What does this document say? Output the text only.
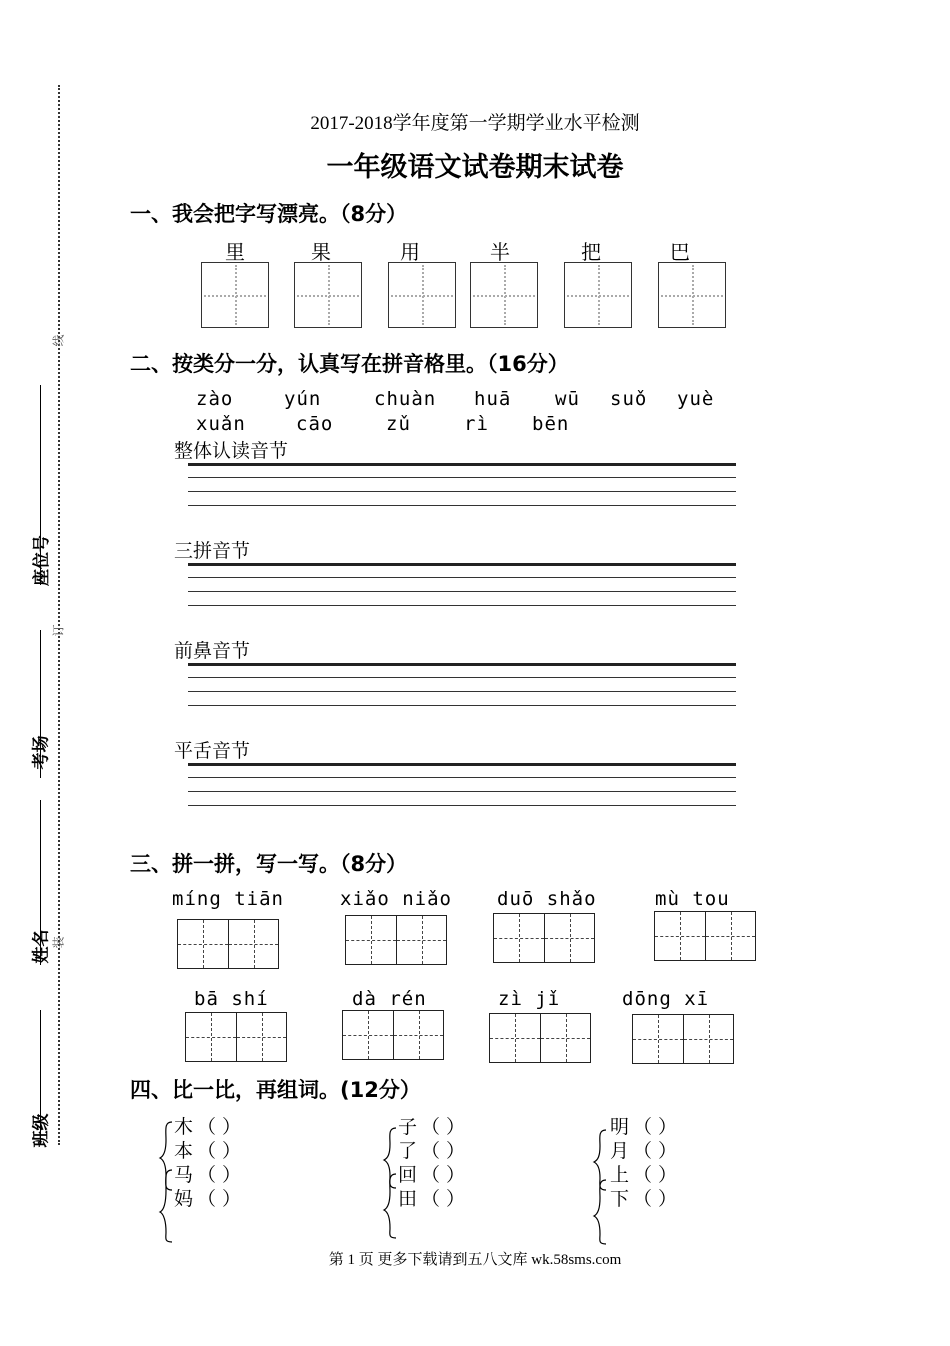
线
订
装
座位号
考场
姓名
班级
2017-2018学年度第一学期学业水平检测
一年级语文试卷期末试卷
一、我会把字写漂亮。（8分）
里	果	用	半	把	巴
二、按类分一分，认真写在拼音格里。（16分）
zào	yún	chuàn huā wū suǒ yuè
xuǎn	cāo	zǔ	rì bēn
整体认读音节
三拼音节
前鼻音节
平舌音节
三、拼一拼，写一写。（8分）
míng tiān	xiǎo niǎo duō shǎo	mù tou
bā shí	dà rén	zì jǐ	dōng xī
四、比一比，再组词。(12分）
木 （ ）
本 （ ）
马 （ ）
妈 （ ）
子 （ ）
了 （ ）
回 （ ）
田 （ ）
明 （ ）
月 （ ）
上 （ ）
下 （ ）
第 1 页 更多下载请到五八文库 wk.58sms.com
